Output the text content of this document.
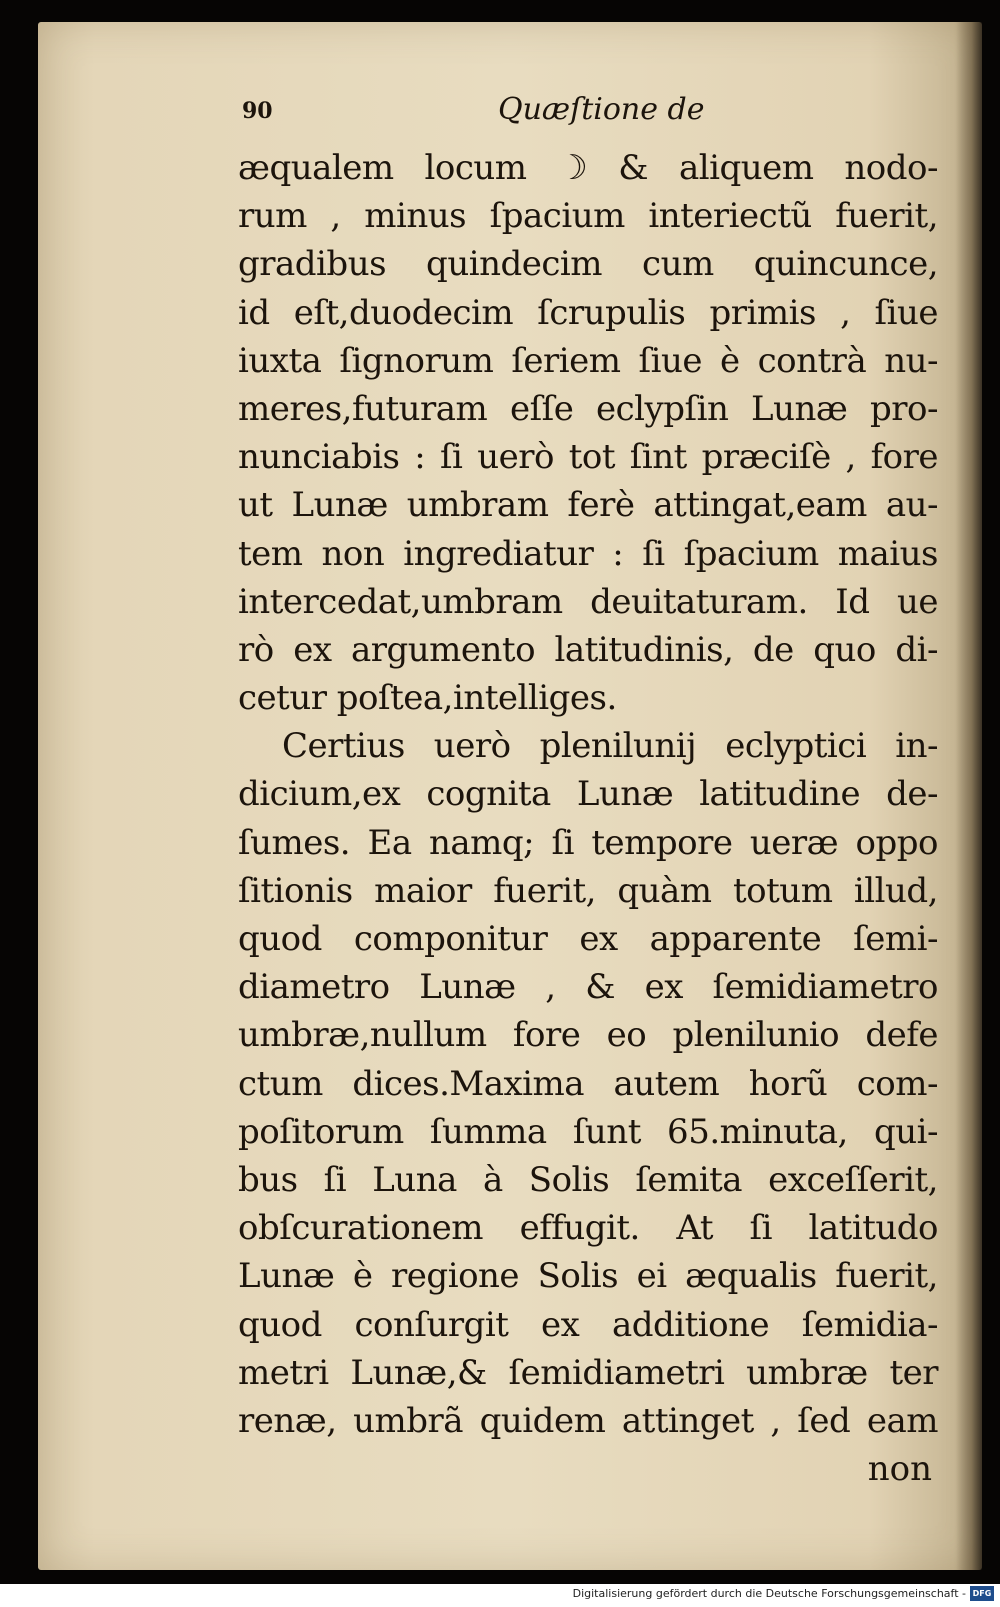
90	Quæſtione de
æqualem locum ☽ & aliquem nodo-
rum , minus ſpacium interiectũ fuerit,
gradibus quindecim cum quincunce,
id eſt,duodecim ſcrupulis primis , ſiue
iuxta ſignorum ſeriem ſiue è contrà nu-
meres,futuram eſſe eclypſin Lunæ pro-
nunciabis : ſi uerò tot ſint præciſè , fore
ut Lunæ umbram ferè attingat,eam au-
tem non ingrediatur : ſi ſpacium maius
intercedat,umbram deuitaturam. Id ue
rò ex argumento latitudinis, de quo di-
cetur poſtea,intelliges.
Certius uerò plenilunij eclyptici in-
dicium,ex cognita Lunæ latitudine de-
ſumes. Ea namq; ſi tempore ueræ oppo
ſitionis maior fuerit, quàm totum illud,
quod componitur ex apparente ſemi-
diametro Lunæ , & ex ſemidiametro
umbræ,nullum fore eo plenilunio defe
ctum dices.Maxima autem horũ com-
poſitorum ſumma ſunt 65.minuta, qui-
bus ſi Luna à Solis ſemita exceſſerit,
obſcurationem effugit. At ſi latitudo
Lunæ è regione Solis ei æqualis fuerit,
quod conſurgit ex additione ſemidia-
metri Lunæ,& ſemidiametri umbræ ter
renæ, umbrã quidem attinget , ſed eam
non
Digitalisierung gefördert durch die Deutsche Forschungsgemeinschaft - DFG
